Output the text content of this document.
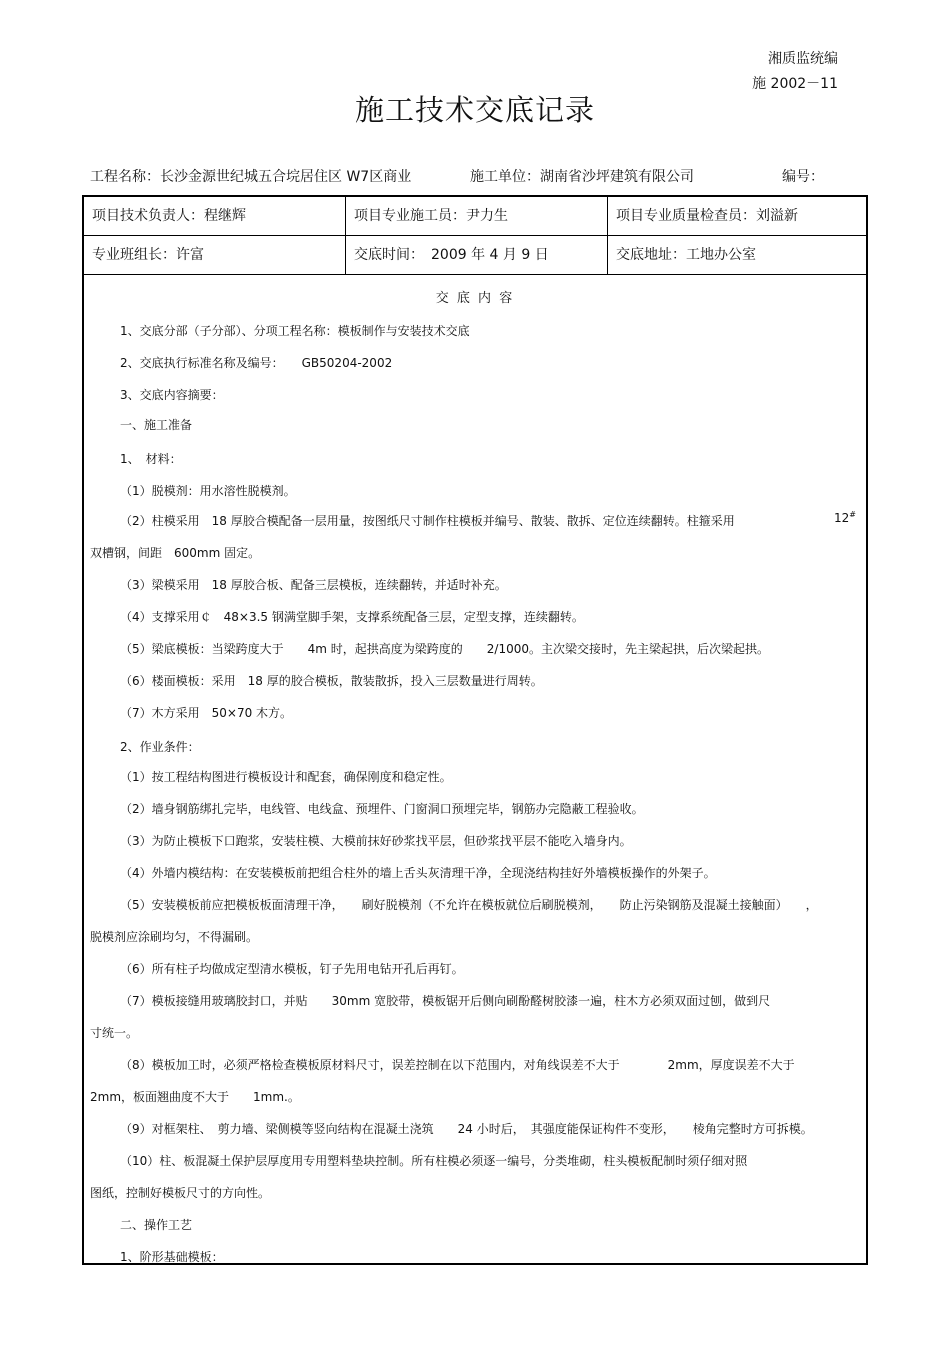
湘质监统编
施 2002－11
施工技术交底记录
工程名称：长沙金源世纪城五合垸居住区 W7区商业	施工单位：湖南省沙坪建筑有限公司	编号：
项目技术负责人：程继辉	项目专业施工员：尹力生	项目专业质量检查员：刘溢新
专业班组长：许富	交底时间：　2009 年 4 月 9 日	交底地址：工地办公室
交 底 内 容
1、交底分部（子分部）、分项工程名称：模板制作与安装技术交底
2、交底执行标准名称及编号：　　GB50204-2002
3、交底内容摘要：
一、施工准备
1、　材料：
（1）脱模剂：用水溶性脱模剂。
（2）柱模采用　18 厚胶合模配备一层用量，按图纸尺寸制作柱模板并编号、散装、散拆、定位连续翻转。柱箍采用	12#
双槽钢，间距　600mm 固定。
（3）梁模采用　18 厚胶合板、配备三层模板，连续翻转，并适时补充。
（4）支撑采用￠　48×3.5 钢满堂脚手架，支撑系统配备三层，定型支撑，连续翻转。
（5）梁底模板：当梁跨度大于　　4m 时，起拱高度为梁跨度的　　2/1000。主次梁交接时，先主梁起拱，后次梁起拱。
（6）楼面模板：采用　18 厚的胶合模板，散装散拆，投入三层数量进行周转。
（7）木方采用　50×70 木方。
2、作业条件：
（1）按工程结构图进行模板设计和配套，确保刚度和稳定性。
（2）墙身钢筋绑扎完毕，电线管、电线盒、预埋件、门窗洞口预埋完毕，钢筋办完隐蔽工程验收。
（3）为防止模板下口跑浆，安装柱模、大模前抹好砂浆找平层，但砂浆找平层不能吃入墙身内。
（4）外墙内模结构：在安装模板前把组合柱外的墙上舌头灰清理干净，全现浇结构挂好外墙模板操作的外架子。
（5）安装模板前应把模板板面清理干净，　　刷好脱模剂（不允许在模板就位后刷脱模剂，　　防止污染钢筋及混凝土接触面）　　，
脱模剂应涂刷均匀，不得漏刷。
（6）所有柱子均做成定型清水模板，钉子先用电钻开孔后再钉。
（7）模板接缝用玻璃胶封口，并贴　　30mm 宽胶带，模板锯开后侧向刷酚醛树胶漆一遍，柱木方必须双面过刨，做到尺
寸统一。
（8）模板加工时，必须严格检查模板原材料尺寸，误差控制在以下范围内，对角线误差不大于　　　　2mm，厚度误差不大于
2mm，板面翘曲度不大于　　1mm.。
（9）对框架柱、　剪力墙、梁侧模等竖向结构在混凝土浇筑　　24 小时后，　其强度能保证构件不变形，　　棱角完整时方可拆模。
（10）柱、板混凝土保护层厚度用专用塑料垫块控制。所有柱模必须逐一编号，分类堆砌，柱头模板配制时须仔细对照
图纸，控制好模板尺寸的方向性。
二、操作工艺
1、阶形基础模板：
